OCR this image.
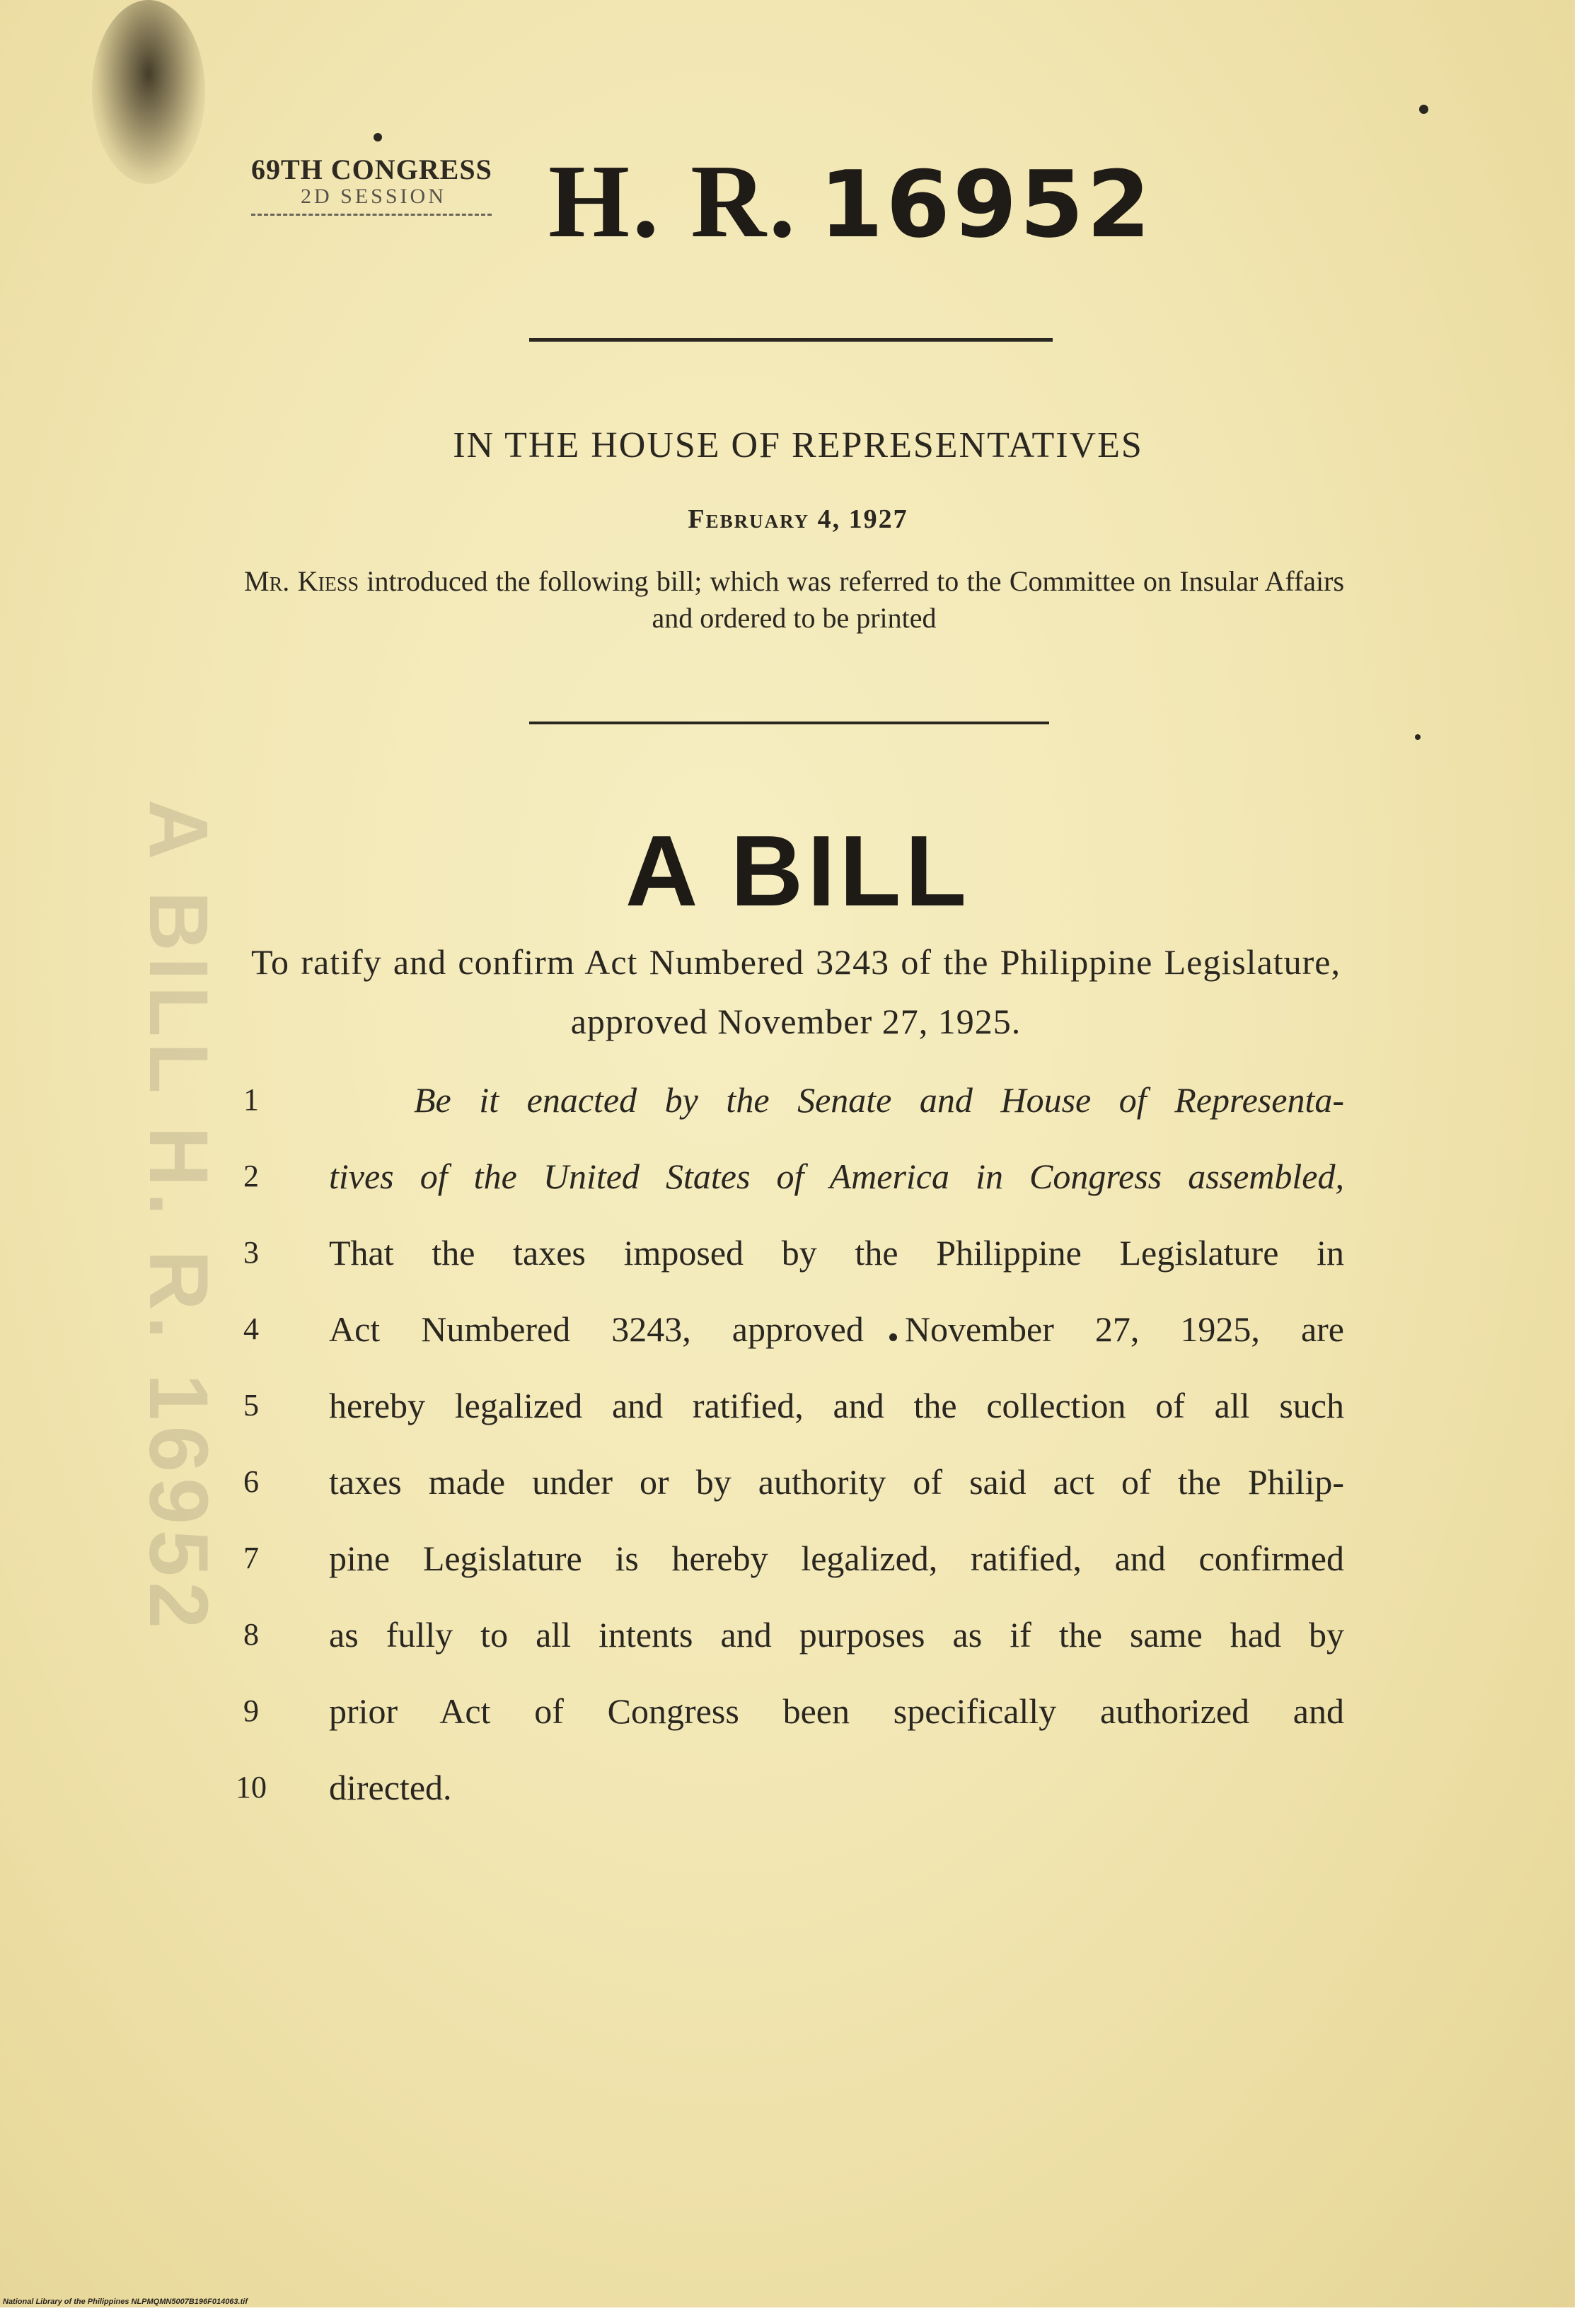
A BILL H. R. 16952
69TH CONGRESS
2D SESSION H. R. 16952
IN THE HOUSE OF REPRESENTATIVES
February 4, 1927
Mr. Kiess introduced the following bill; which was referred to the Committee on Insular Affairs and ordered to be printed
A BILL
To ratify and confirm Act Numbered 3243 of the Philippine Legislature, approved November 27, 1925.
1	Be it enacted by the Senate and House of Representa-
2	tives of the United States of America in Congress assembled,
3	That the taxes imposed by the Philippine Legislature in
4	Act Numbered 3243, approved November 27, 1925, are
5	hereby legalized and ratified, and the collection of all such
6	taxes made under or by authority of said act of the Philip-
7	pine Legislature is hereby legalized, ratified, and confirmed
8	as fully to all intents and purposes as if the same had by
9	prior Act of Congress been specifically authorized and
10	directed.
National Library of the Philippines NLPMQMN5007B196F014063.tif
